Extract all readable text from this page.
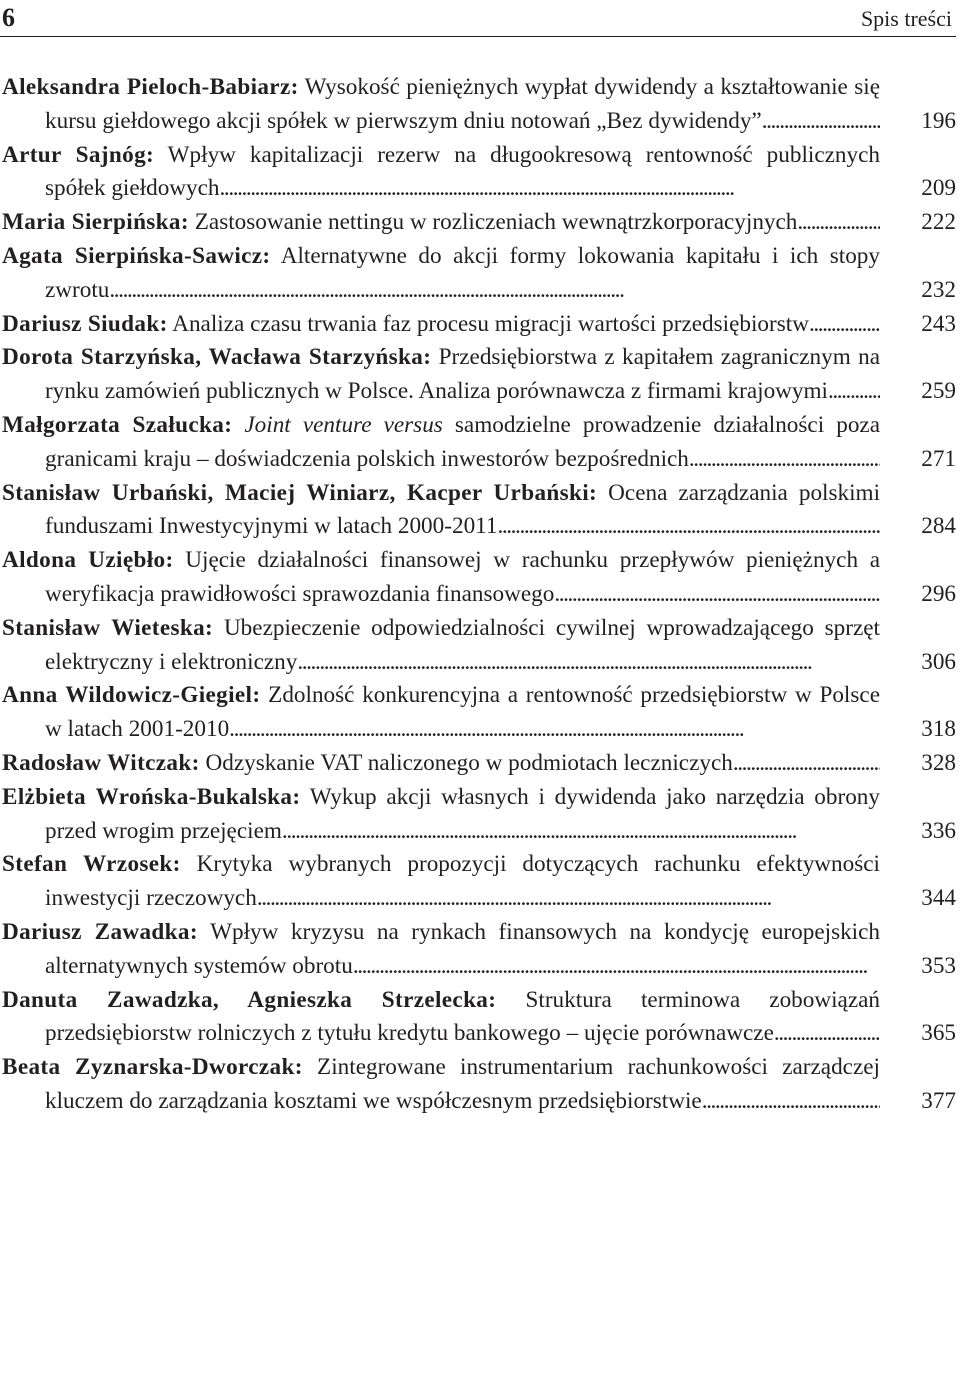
6	Spis treści
Aleksandra Pieloch-Babiarz: Wysokość pieniężnych wypłat dywidendy a kształtowanie się kursu giełdowego akcji spółek w pierwszym dniu notowań „Bez dywidendy”	196
Artur Sajnóg: Wpływ kapitalizacji rezerw na długookresową rentowność publicznych spółek giełdowych	209
Maria Sierpińska: Zastosowanie nettingu w rozliczeniach wewnątrzkorporacyjnych	222
Agata Sierpińska-Sawicz: Alternatywne do akcji formy lokowania kapitału i ich stopy zwrotu	232
Dariusz Siudak: Analiza czasu trwania faz procesu migracji wartości przedsiębiorstw	243
Dorota Starzyńska, Wacława Starzyńska: Przedsiębiorstwa z kapitałem zagranicznym na rynku zamówień publicznych w Polsce. Analiza porównawcza z firmami krajowymi	259
Małgorzata Szałucka: Joint venture versus samodzielne prowadzenie działalności poza granicami kraju – doświadczenia polskich inwestorów bezpośrednich	271
Stanisław Urbański, Maciej Winiarz, Kacper Urbański: Ocena zarządzania polskimi funduszami Inwestycyjnymi w latach 2000-2011	284
Aldona Uziębło: Ujęcie działalności finansowej w rachunku przepływów pieniężnych a weryfikacja prawidłowości sprawozdania finansowego	296
Stanisław Wieteska: Ubezpieczenie odpowiedzialności cywilnej wprowadzającego sprzęt elektryczny i elektroniczny	306
Anna Wildowicz-Giegiel: Zdolność konkurencyjna a rentowność przedsiębiorstw w Polsce w latach 2001-2010	318
Radosław Witczak: Odzyskanie VAT naliczonego w podmiotach leczniczych	328
Elżbieta Wrońska-Bukalska: Wykup akcji własnych i dywidenda jako narzędzia obrony przed wrogim przejęciem	336
Stefan Wrzosek: Krytyka wybranych propozycji dotyczących rachunku efektywności inwestycji rzeczowych	344
Dariusz Zawadka: Wpływ kryzysu na rynkach finansowych na kondycję europejskich alternatywnych systemów obrotu	353
Danuta Zawadzka, Agnieszka Strzelecka: Struktura terminowa zobowiązań przedsiębiorstw rolniczych z tytułu kredytu bankowego – ujęcie porównawcze	365
Beata Zyznarska-Dworczak: Zintegrowane instrumentarium rachunkowości zarządczej kluczem do zarządzania kosztami we współczesnym przedsiębiorstwie	377
